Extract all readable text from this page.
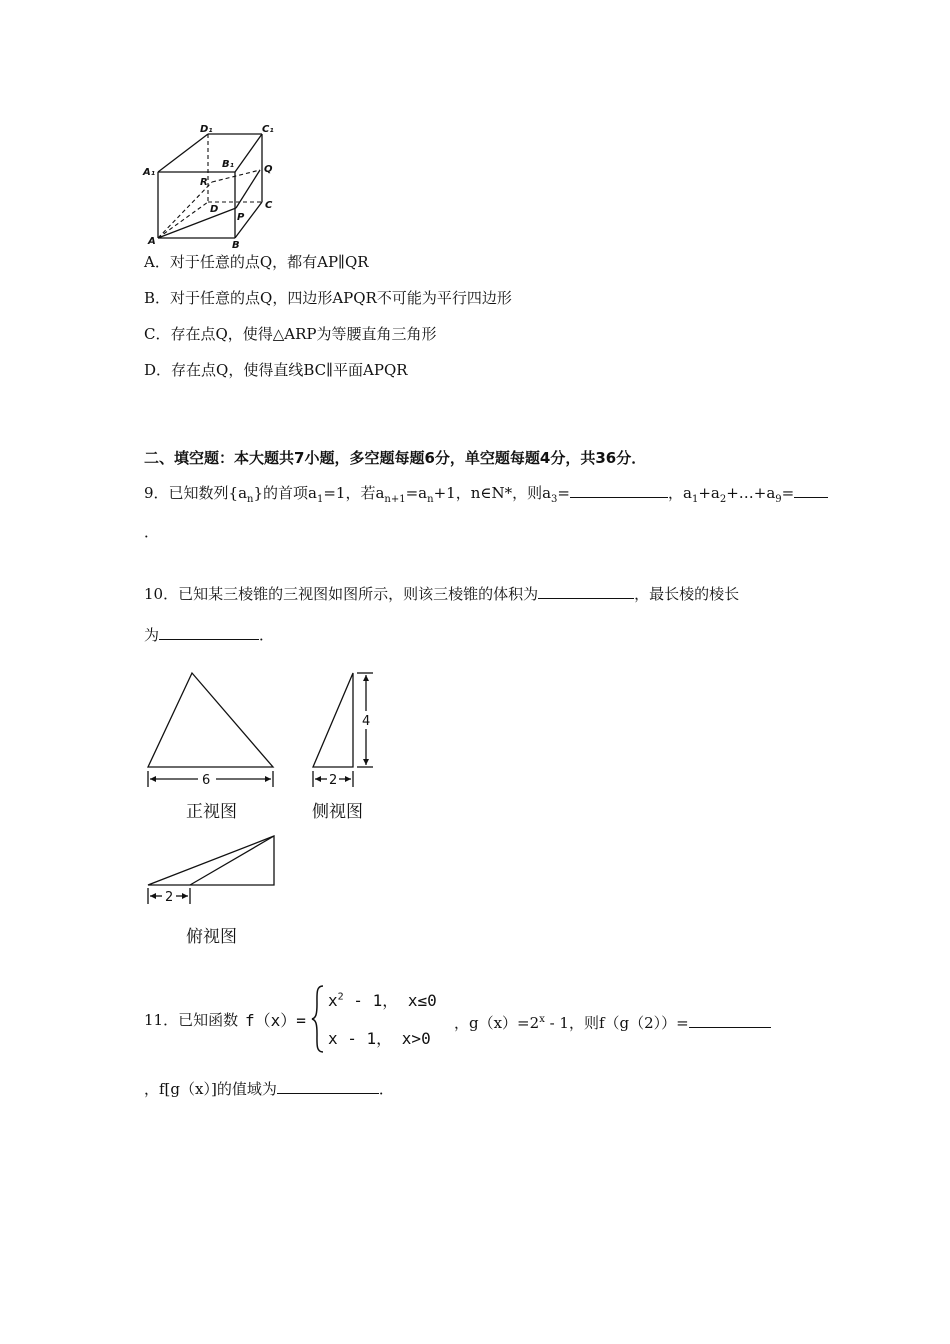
D₁	C₁
A₁
B₁	Q
R
D
P
C
A	B
A．对于任意的点Q，都有AP∥QR
B．对于任意的点Q，四边形APQR不可能为平行四边形
C．存在点Q，使得△ARP为等腰直角三角形
D．存在点Q，使得直线BC∥平面APQR
二、填空题：本大题共7小题，多空题每题6分，单空题每题4分，共36分．
9．已知数列$\{a_n\}$的首项$a_1=1$，若$a_{n+1}=a_n+1$，n∈N*，则$a_3=$	，$a_1+a_2+\dots+a_9=$
．
10．已知某三棱锥的三视图如图所示，则该三棱锥的体积为	，最长棱的棱长
为	．
6
正视图
4
2
侧视图
2
俯视图
11．已知函数 f（x）=
$x^2 - 1$， x≤0
x - 1， x>0
，$g(x)=2^x - 1$，则f（g（2））=
，f[g（x）]的值域为	．
